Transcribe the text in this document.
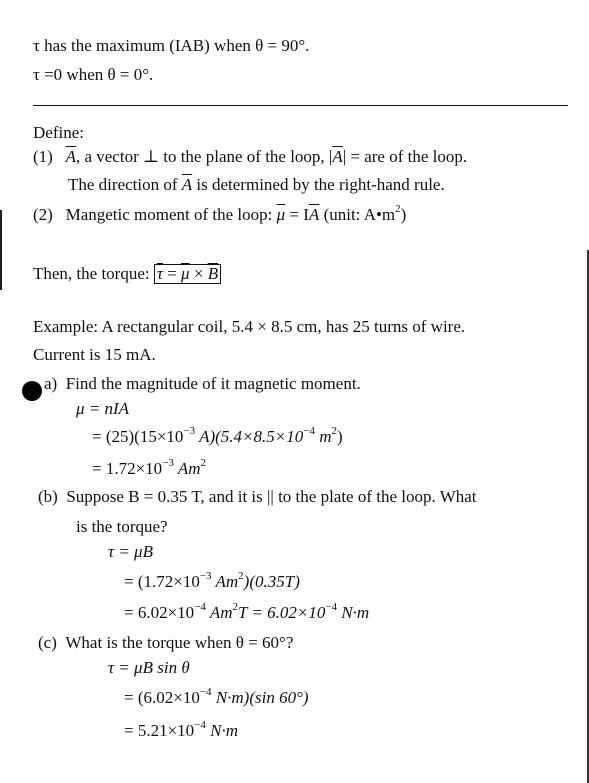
τ has the maximum (IAB) when θ = 90°.
τ =0 when θ = 0°.
Define:
(1) $\overline{A}$, a vector ⊥ to the plane of the loop, $|\overline{A}|$ = are of the loop.
The direction of $\overline{A}$ is determined by the right-hand rule.
(2) Mangetic moment of the loop: $\overline{\mu} = I\overline{A}$ (unit: $A•m^2$)
Then, the torque: $\overline{\tau} = \overline{\mu} \times \overline{B}$
Example: A rectangular coil, 5.4 × 8.5 cm, has 25 turns of wire.
Current is 15 mA.
a) Find the magnitude of it magnetic moment.
μ = nIA
= $(25)(15\times 10^{-3}$ $A)(5.4\times 8.5\times 10^{-4}$ $m^2$)
= $1.72\times 10^{-3}$ Am$^2$
(b) Suppose B = 0.35 T, and it is || to the plate of the loop. What
is the torque?
τ = μB
= ($1.72\times 10^{-3}$ $Am^2)(0.35T)$
= $6.02\times 10^{-4}$ $Am^2T = 6.02\times 10^{-4}$ N·m
(c) What is the torque when θ = 60°?
τ = μB sin θ
= ($6.02\times 10^{-4}$ N·m)(sin 60°)
= $5.21\times 10^{-4}$ N·m
